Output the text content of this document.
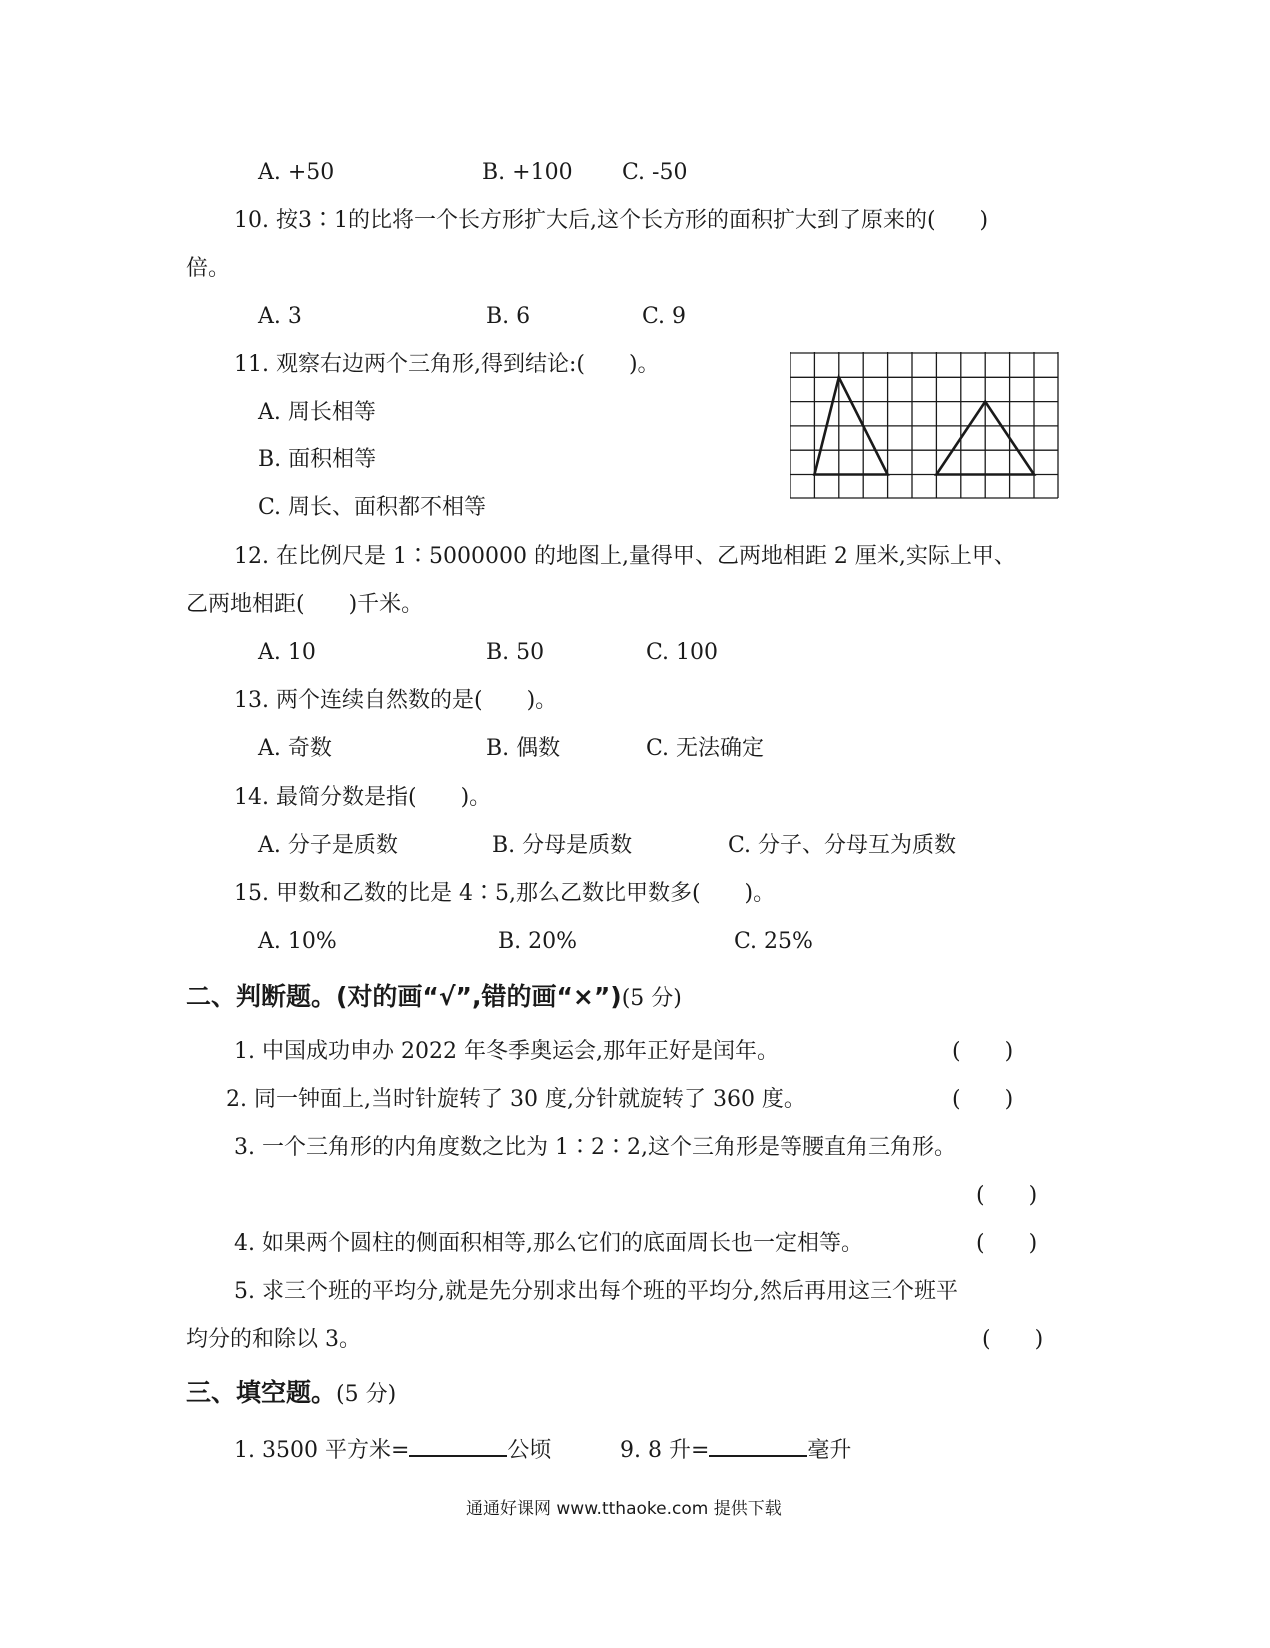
A. +50	B. +100 C. -50
10. 按3∶1的比将一个长方形扩大后,这个长方形的面积扩大到了原来的(　　)
倍。
A. 3	B. 6	C. 9
11. 观察右边两个三角形,得到结论:(　　)。
A. 周长相等
B. 面积相等
C. 周长、面积都不相等
12. 在比例尺是 1∶5000000 的地图上,量得甲、乙两地相距 2 厘米,实际上甲、
乙两地相距(　　)千米。
A. 10	B. 50	C. 100
13. 两个连续自然数的是(　　)。
A. 奇数	B. 偶数	C. 无法确定
14. 最简分数是指(　　)。
A. 分子是质数	B. 分母是质数	C. 分子、分母互为质数
15. 甲数和乙数的比是 4∶5,那么乙数比甲数多(　　)。
A. 10%	B. 20%	C. 25%
二、判断题。(对的画“√”,错的画“×”)(5 分)
1. 中国成功申办 2022 年冬季奥运会,那年正好是闰年。	(　　)
2. 同一钟面上,当时针旋转了 30 度,分针就旋转了 360 度。	(　　)
3. 一个三角形的内角度数之比为 1∶2∶2,这个三角形是等腰直角三角形。
(　　)
4. 如果两个圆柱的侧面积相等,那么它们的底面周长也一定相等。	(　　)
5. 求三个班的平均分,就是先分别求出每个班的平均分,然后再用这三个班平
均分的和除以 3。	(　　)
三、填空题。(5 分)
1. 3500 平方米=	公顷	9. 8 升=	毫升
通通好课网 www.tthaoke.com 提供下载
